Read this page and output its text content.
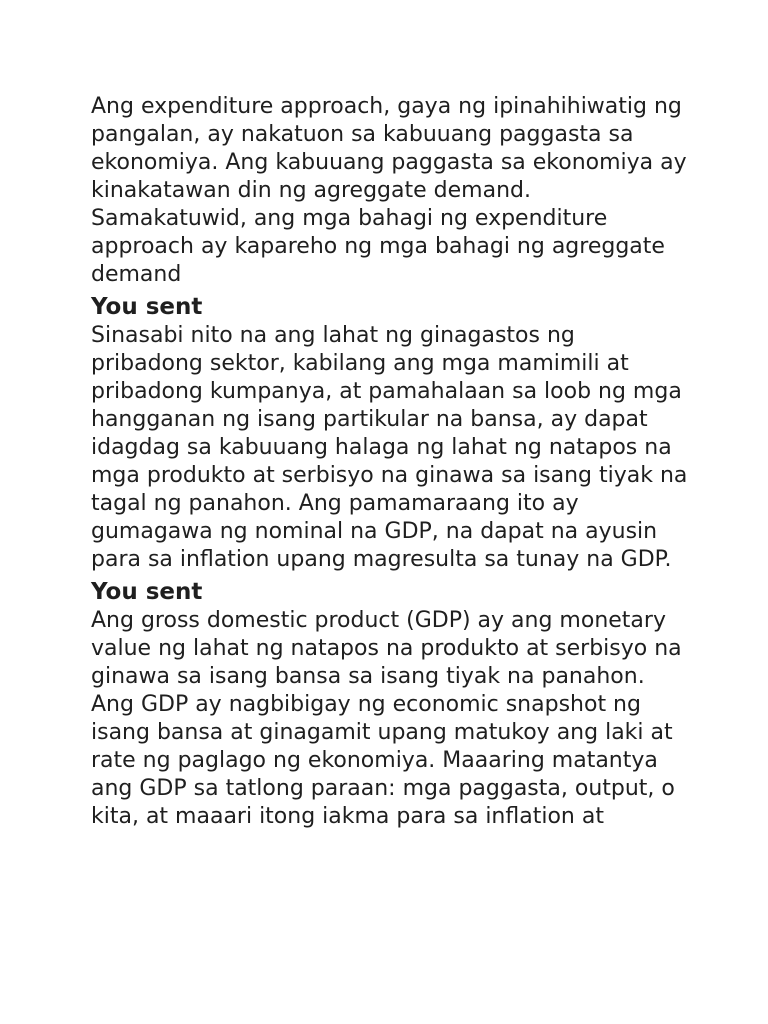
Ang expenditure approach, gaya ng ipinahihiwatig ng pangalan, ay nakatuon sa kabuuang paggasta sa ekonomiya. Ang kabuuang paggasta sa ekonomiya ay kinakatawan din ng agreggate demand. Samakatuwid, ang mga bahagi ng expenditure approach ay kapareho ng mga bahagi ng agreggate demand

You sent

Sinasabi nito na ang lahat ng ginagastos ng pribadong sektor, kabilang ang mga mamimili at pribadong kumpanya, at pamahalaan sa loob ng mga hangganan ng isang partikular na bansa, ay dapat idagdag sa kabuuang halaga ng lahat ng natapos na mga produkto at serbisyo na ginawa sa isang tiyak na tagal ng panahon. Ang pamamaraang ito ay gumagawa ng nominal na GDP, na dapat na ayusin para sa inflation upang magresulta sa tunay na GDP.

You sent

Ang gross domestic product (GDP) ay ang monetary value ng lahat ng natapos na produkto at serbisyo na ginawa sa isang bansa sa isang tiyak na panahon. Ang GDP ay nagbibigay ng economic snapshot ng isang bansa at ginagamit upang matukoy ang laki at rate ng paglago ng ekonomiya. Maaaring matantya ang GDP sa tatlong paraan: mga paggasta, output, o kita, at maaari itong iakma para sa inflation at
